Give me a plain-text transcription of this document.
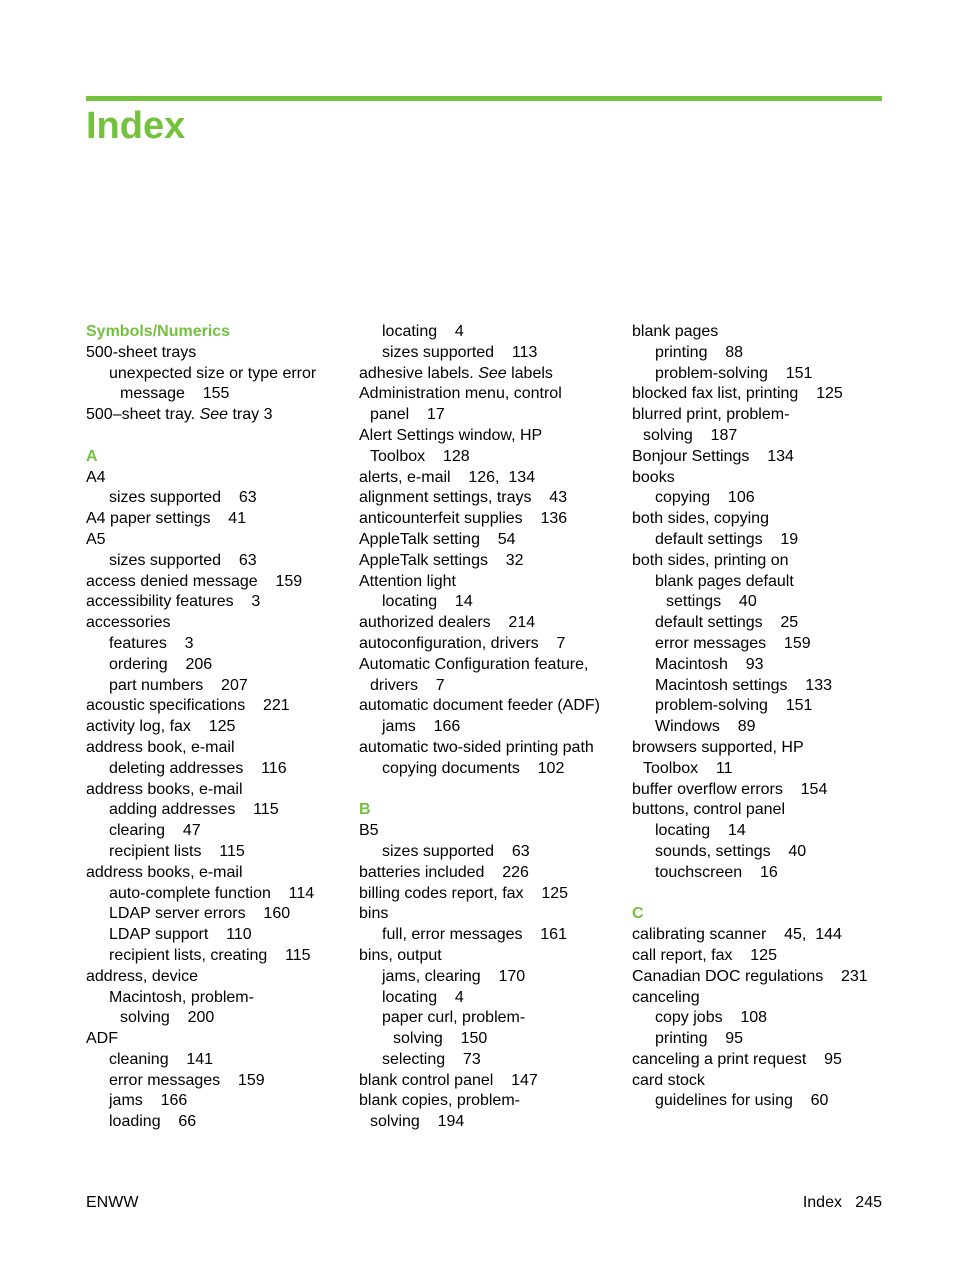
Index
Symbols/Numerics
500-sheet trays
unexpected size or type error
message    155
500–sheet tray. See tray 3
A
A4
sizes supported    63
A4 paper settings    41
A5
sizes supported    63
access denied message    159
accessibility features    3
accessories
features    3
ordering    206
part numbers    207
acoustic specifications    221
activity log, fax    125
address book, e-mail
deleting addresses    116
address books, e-mail
adding addresses    115
clearing    47
recipient lists    115
address books, e-mail
auto-complete function    114
LDAP server errors    160
LDAP support    110
recipient lists, creating    115
address, device
Macintosh, problem-
solving    200
ADF
cleaning    141
error messages    159
jams    166
loading    66
locating    4
sizes supported    113
adhesive labels. See labels
Administration menu, control
panel    17
Alert Settings window, HP
Toolbox    128
alerts, e-mail    126,  134
alignment settings, trays    43
anticounterfeit supplies    136
AppleTalk setting    54
AppleTalk settings    32
Attention light
locating    14
authorized dealers    214
autoconfiguration, drivers    7
Automatic Configuration feature,
drivers    7
automatic document feeder (ADF)
jams    166
automatic two-sided printing path
copying documents    102
B
B5
sizes supported    63
batteries included    226
billing codes report, fax    125
bins
full, error messages    161
bins, output
jams, clearing    170
locating    4
paper curl, problem-
solving    150
selecting    73
blank control panel    147
blank copies, problem-
solving    194
blank pages
printing    88
problem-solving    151
blocked fax list, printing    125
blurred print, problem-
solving    187
Bonjour Settings    134
books
copying    106
both sides, copying
default settings    19
both sides, printing on
blank pages default
settings    40
default settings    25
error messages    159
Macintosh    93
Macintosh settings    133
problem-solving    151
Windows    89
browsers supported, HP
Toolbox    11
buffer overflow errors    154
buttons, control panel
locating    14
sounds, settings    40
touchscreen    16
C
calibrating scanner    45,  144
call report, fax    125
Canadian DOC regulations    231
canceling
copy jobs    108
printing    95
canceling a print request    95
card stock
guidelines for using    60
ENWW	Index   245
